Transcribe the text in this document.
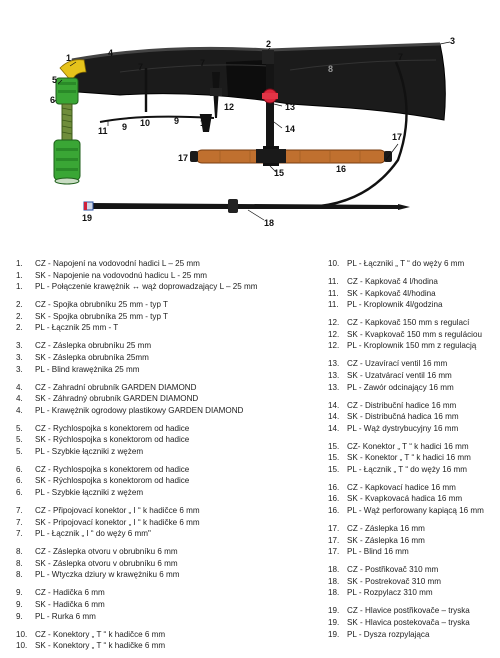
1
2	3
4
5
6
7	7
7
8
9
9
10
11
11
12	13
14
15	16
17
17
18
19
1. CZ - Napojení na vodovodní hadici L – 25 mm
1. SK - Napojenie na vodovodnú hadicu L - 25 mm
1. PL - Połączenie krawężnik ↔ wąż doprowadzający L – 25 mm
2. CZ - Spojka obrubníku 25 mm - typ T
2. SK - Spojka obrubníka 25 mm - typ T
2. PL - Łącznik 25 mm - T
3. CZ - Záslepka obrubníku 25 mm
3. SK - Záslepka obrubníka 25mm
3. PL - Blind krawężnika 25 mm
4. CZ - Zahradní obrubník GARDEN DIAMOND
4. SK - Záhradný obrubník GARDEN DIAMOND
4. PL - Krawężnik ogrodowy plastikowy GARDEN DIAMOND
5. CZ - Rychlospojka s konektorem od hadice
5. SK - Rýchlospojka s konektorom od hadice
5. PL - Szybkie łączniki z wężem
6. CZ - Rychlospojka s konektorem od hadice
6. SK - Rýchlospojka s konektorom od hadice
6. PL - Szybkie łączniki z wężem
7. CZ - Připojovací konektor „ I “ k hadičce 6 mm
7. SK - Pripojovací konektor „ I “ k hadičke 6 mm
7. PL - Łącznik „ I “ do węży 6 mm"
8. CZ - Záslepka otvoru v obrubníku 6 mm
8. SK - Záslepka otvoru v obrubníku 6 mm
8. PL - Wtyczka dziury w krawężniku 6 mm
9. CZ - Hadička 6 mm
9. SK - Hadička 6 mm
9. PL - Rurka 6 mm
10. CZ - Konektory „ T “ k hadičce 6 mm
10. SK - Konektory „ T “ k hadičke 6 mm
10. PL - Łączniki „ T “ do węży 6 mm
11. CZ - Kapkovač 4 l/hodina
11. SK - Kapkovač 4l/hodina
11. PL - Kroplownik 4l/godzina
12. CZ - Kapkovač 150 mm s regulací
12. SK - Kvapkovač 150 mm s reguláciou
12. PL - Kroplownik 150 mm z regulacją
13. CZ - Uzavírací ventil 16 mm
13. SK - Uzatvárací ventil 16 mm
13. PL - Zawór odcinający 16 mm
14. CZ - Distribuční hadice 16 mm
14. SK - Distribučná hadica 16 mm
14. PL - Wąż dystrybucyjny 16 mm
15. CZ- Konektor „ T “ k hadici 16 mm
15. SK - Konektor „ T “ k hadici 16 mm
15. PL - Łącznik „ T “ do węży 16 mm
16. CZ - Kapkovací hadice 16 mm
16. SK - Kvapkovacá hadica 16 mm
16. PL - Wąż perforowany kapiącą 16 mm
17. CZ - Záslepka 16 mm
17. SK - Záslepka 16 mm
17. PL - Blind 16 mm
18. CZ - Postřikovač 310 mm
18. SK - Postrekovač 310 mm
18. PL - Rozpylacz 310 mm
19. CZ - Hlavice postřikovače – tryska
19. SK - Hlavica postekovača – tryska
19. PL - Dysza rozpylająca
